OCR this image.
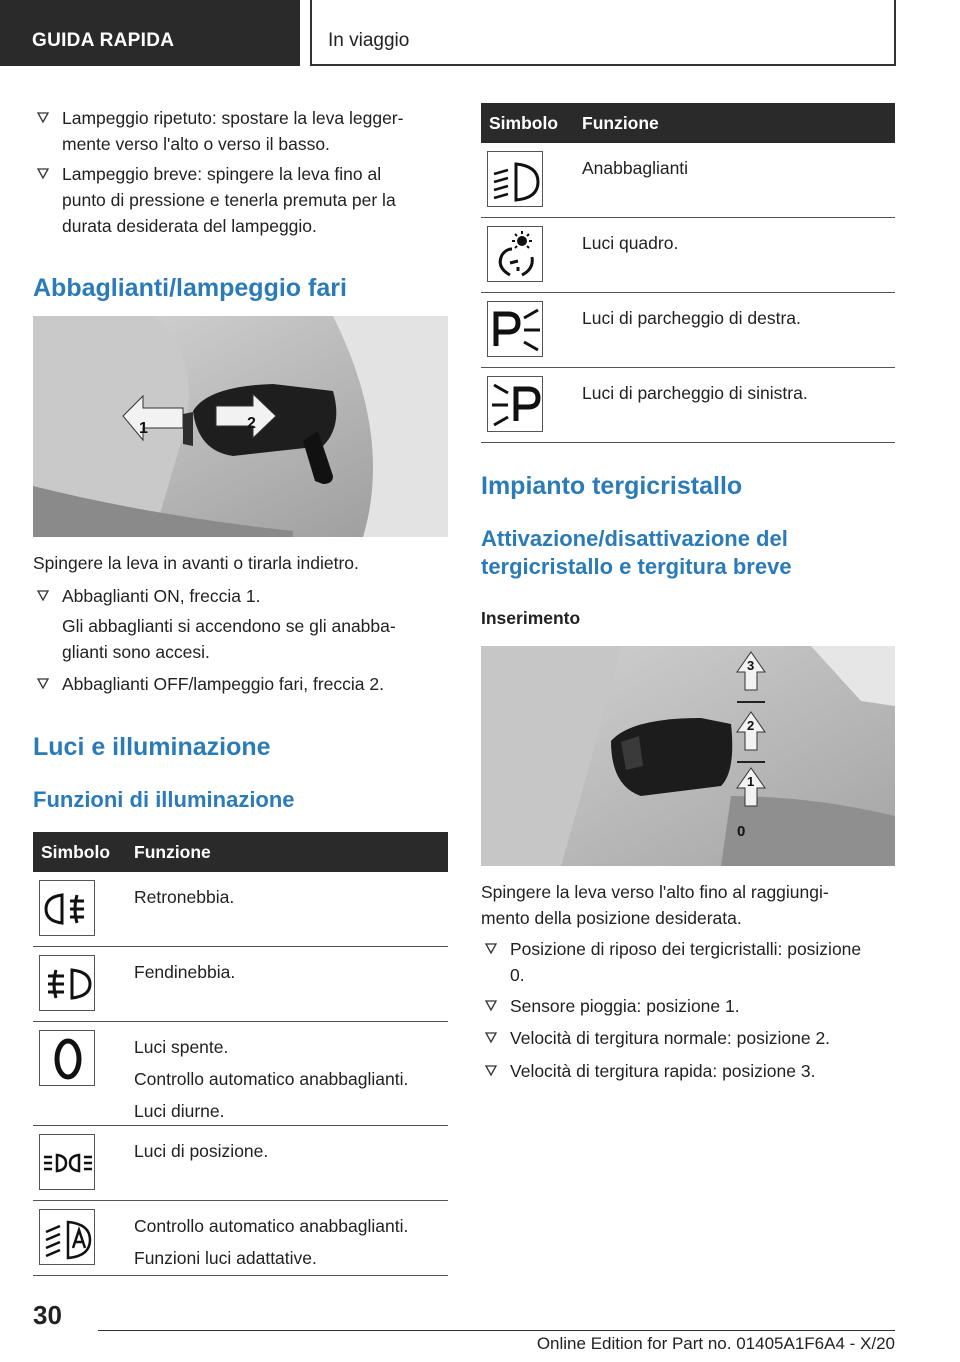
GUIDA RAPIDA	In viaggio
Lampeggio ripetuto: spostare la leva legger-
mente verso l'alto o verso il basso.
Lampeggio breve: spingere la leva fino al
punto di pressione e tenerla premuta per la
durata desiderata del lampeggio.
Abbaglianti/lampeggio fari
1	2
Spingere la leva in avanti o tirarla indietro.
Abbaglianti ON, freccia 1.
Gli abbaglianti si accendono se gli anabba-
glianti sono accesi.
Abbaglianti OFF/lampeggio fari, freccia 2.
Luci e illuminazione
Funzioni di illuminazione
Simbolo Funzione
Retronebbia.
Fendinebbia.
Luci spente.
Controllo automatico anabbaglianti.
Luci diurne.
Luci di posizione.
Controllo automatico anabbaglianti.
Funzioni luci adattative.
Simbolo Funzione
Anabbaglianti
Luci quadro.
Luci di parcheggio di destra.
Luci di parcheggio di sinistra.
Impianto tergicristallo
Attivazione/disattivazione del
tergicristallo e tergitura breve
Inserimento
3
2
1
0
Spingere la leva verso l'alto fino al raggiungi-
mento della posizione desiderata.
Posizione di riposo dei tergicristalli: posizione
0.
Sensore pioggia: posizione 1.
Velocità di tergitura normale: posizione 2.
Velocità di tergitura rapida: posizione 3.
30
Online Edition for Part no. 01405A1F6A4 - X/20
